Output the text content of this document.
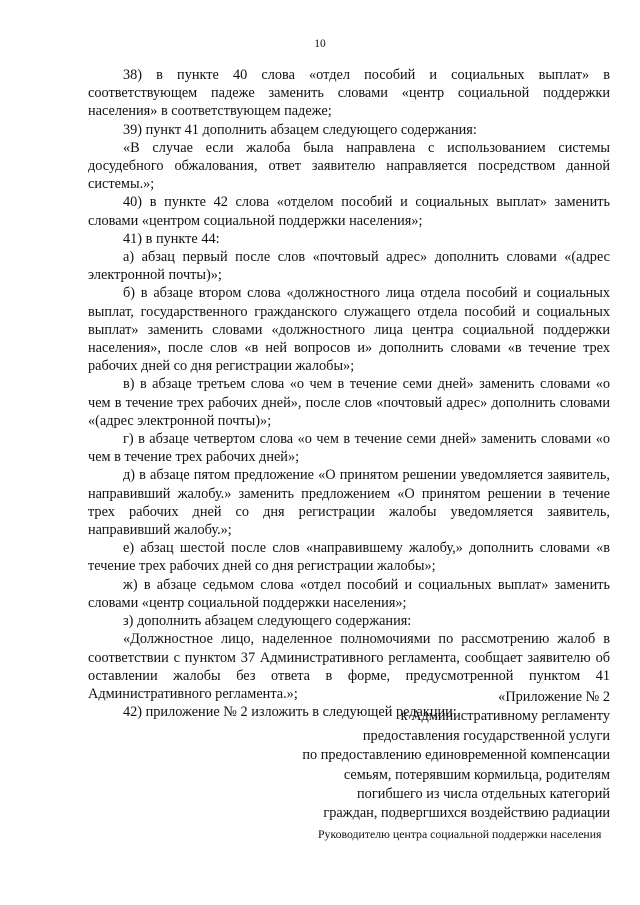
10

38) в пункте 40 слова «отдел пособий и социальных выплат» в соответствующем падеже заменить словами «центр социальной поддержки населения» в соответствующем падеже;

39) пункт 41 дополнить абзацем следующего содержания:

«В случае если жалоба была направлена с использованием системы досудебного обжалования, ответ заявителю направляется посредством данной системы.»;

40) в пункте 42 слова «отделом пособий и социальных выплат» заменить словами «центром социальной поддержки населения»;

41) в пункте 44:

а) абзац первый после слов «почтовый адрес» дополнить словами «(адрес электронной почты)»;

б) в абзаце втором слова «должностного лица отдела пособий и социальных выплат, государственного гражданского служащего отдела пособий и социальных выплат» заменить словами «должностного лица центра социальной поддержки населения», после слов «в ней вопросов и» дополнить словами «в течение трех рабочих дней со дня регистрации жалобы»;

в) в абзаце третьем слова «о чем в течение семи дней» заменить словами «о чем в течение трех рабочих дней», после слов «почтовый адрес» дополнить словами «(адрес электронной почты)»;

г) в абзаце четвертом слова «о чем в течение семи дней» заменить словами «о чем в течение трех рабочих дней»;

д) в абзаце пятом предложение «О принятом решении уведомляется заявитель, направивший жалобу.» заменить предложением «О принятом решении в течение трех рабочих дней со дня регистрации жалобы уведомляется заявитель, направивший жалобу.»;

е) абзац шестой после слов «направившему жалобу,» дополнить словами «в течение трех рабочих дней со дня регистрации жалобы»;

ж) в абзаце седьмом слова «отдел пособий и социальных выплат» заменить словами «центр социальной поддержки населения»;

з) дополнить абзацем следующего содержания:

«Должностное лицо, наделенное полномочиями по рассмотрению жалоб в соответствии с пунктом 37 Административного регламента, сообщает заявителю об оставлении жалобы без ответа в форме, предусмотренной пунктом 41 Административного регламента.»;

42) приложение № 2 изложить в следующей редакции:

«Приложение № 2
к Административному регламенту
предоставления государственной услуги
по предоставлению единовременной компенсации
семьям, потерявшим кормильца, родителям
погибшего из числа отдельных категорий
граждан, подвергшихся воздействию радиации
Руководителю центра социальной поддержки населения
